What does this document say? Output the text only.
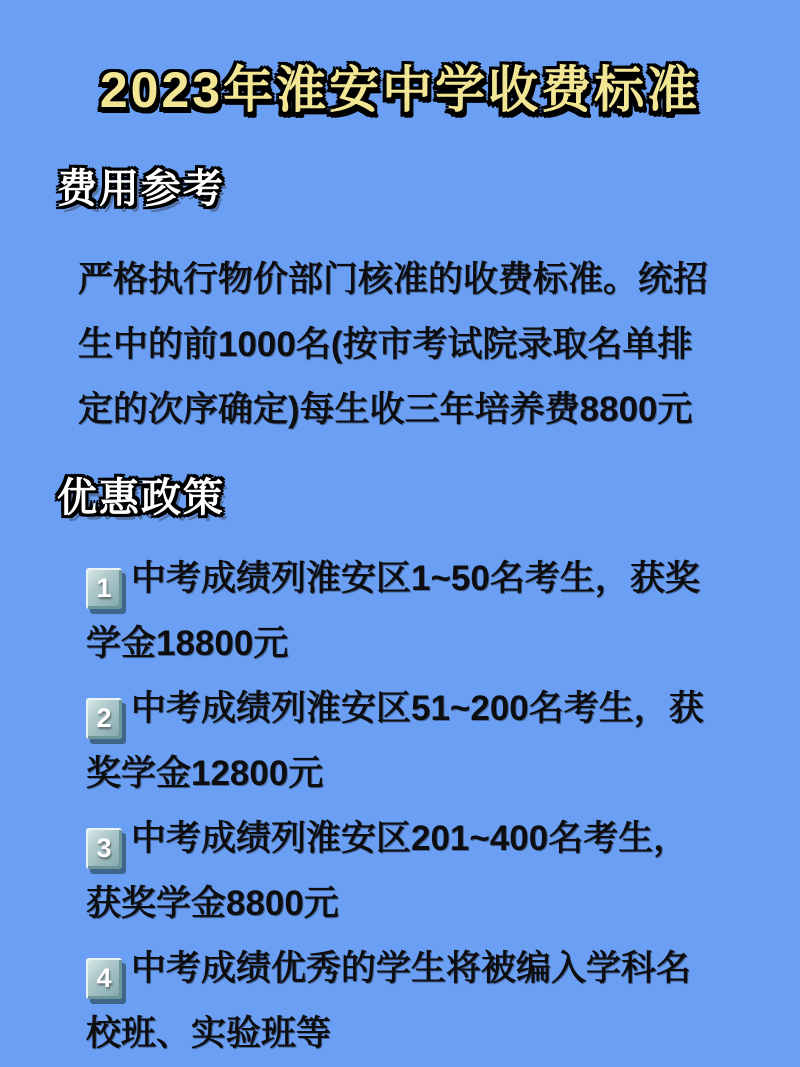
2023年淮安中学收费标准
费用参考

严格执行物价部门核准的收费标准。统招生中的前1000名(按市考试院录取名单排定的次序确定)每生收三年培养费8800元

优惠政策
1 中考成绩列淮安区1~50名考生，获奖学金18800元
2 中考成绩列淮安区51~200名考生，获奖学金12800元
3 中考成绩列淮安区201~400名考生，获奖学金8800元
4 中考成绩优秀的学生将被编入学科名校班、实验班等
